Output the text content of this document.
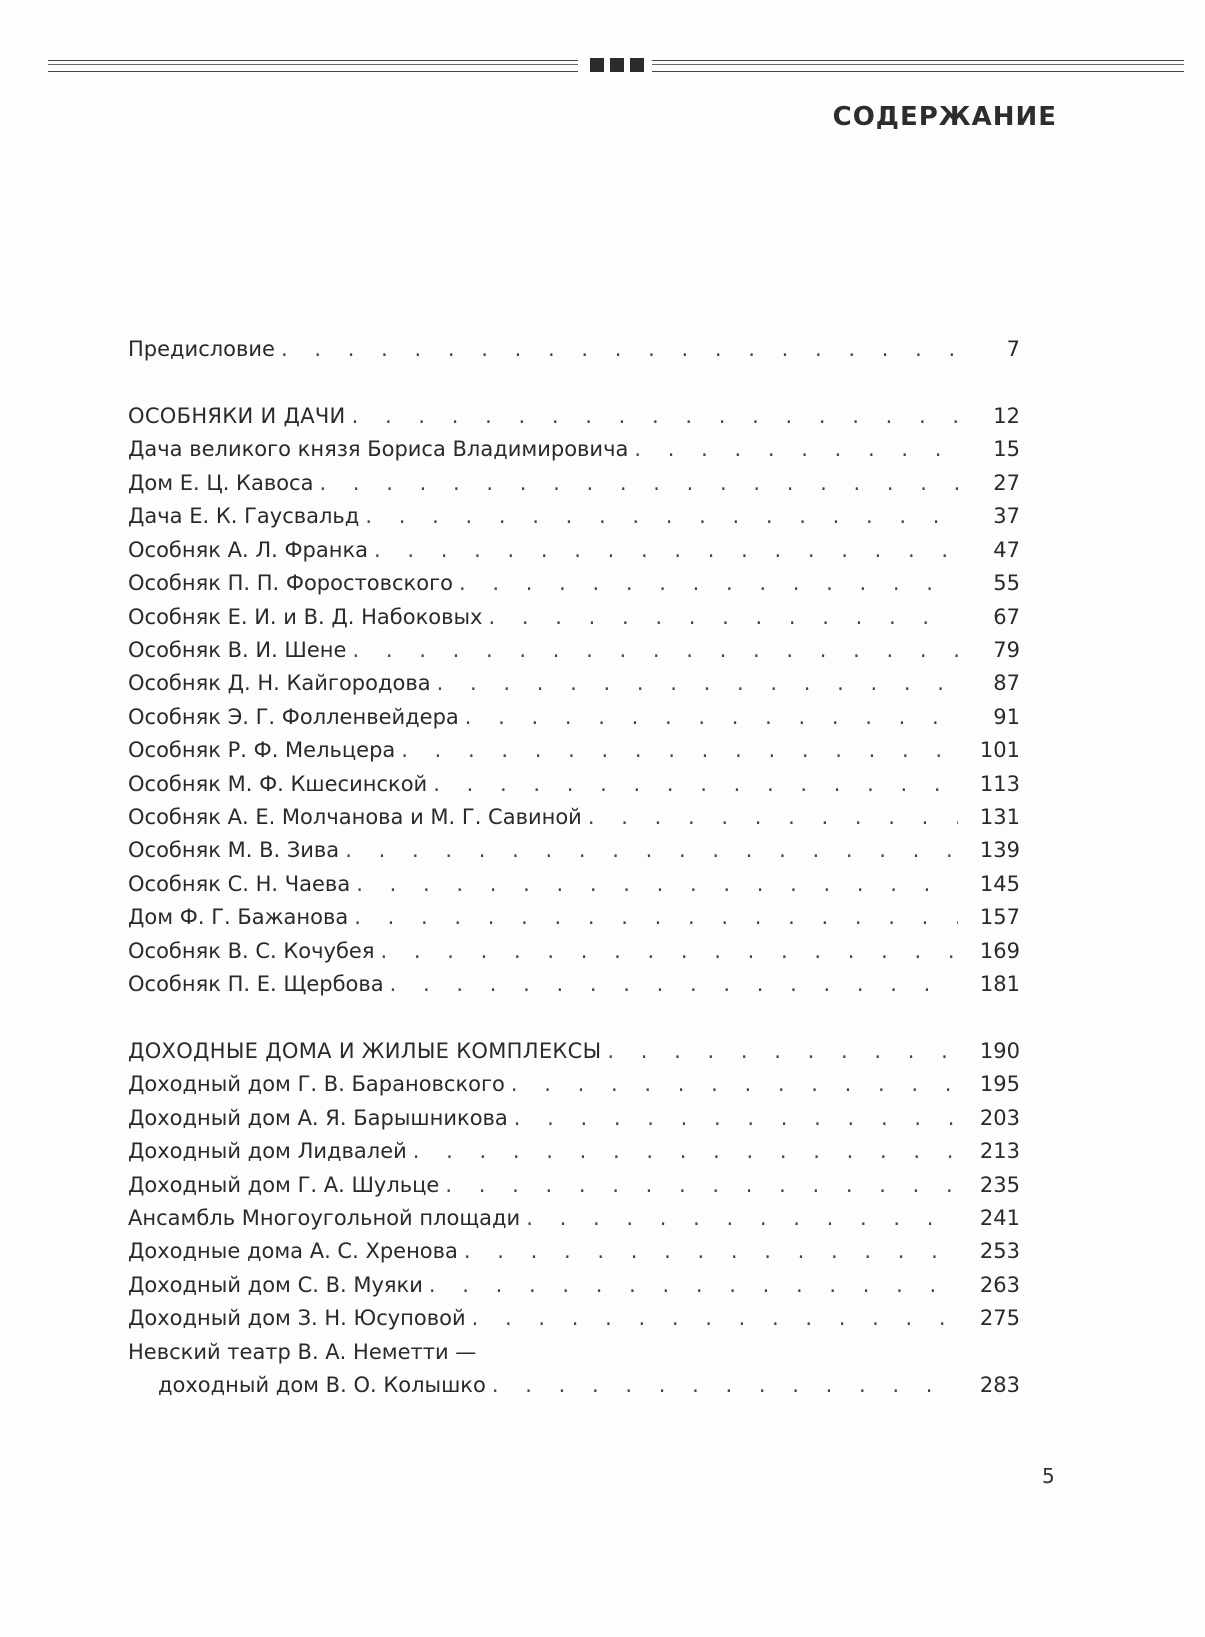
СОДЕРЖАНИЕ
Предисловие .	7
ОСОБНЯКИ И ДАЧИ .	12
Дача великого князя Бориса Владимировича .	15
Дом Е. Ц. Кавоса .	27
Дача Е. К. Гаусвальд .	37
Особняк А. Л. Франка .	47
Особняк П. П. Форостовского .	55
Особняк Е. И. и В. Д. Набоковых .	67
Особняк В. И. Шене .	79
Особняк Д. Н. Кайгородова .	87
Особняк Э. Г. Фолленвейдера .	91
Особняк Р. Ф. Мельцера .	101
Особняк М. Ф. Кшесинской .	113
Особняк А. Е. Молчанова и М. Г. Савиной .	131
Особняк М. В. Зива .	139
Особняк С. Н. Чаева .	145
Дом Ф. Г. Бажанова .	157
Особняк В. С. Кочубея .	169
Особняк П. Е. Щербова .	181
ДОХОДНЫЕ ДОМА И ЖИЛЫЕ КОМПЛЕКСЫ .	190
Доходный дом Г. В. Барановского .	195
Доходный дом А. Я. Барышникова .	203
Доходный дом Лидвалей .	213
Доходный дом Г. А. Шульце .	235
Ансамбль Многоугольной площади .	241
Доходные дома А. С. Хренова .	253
Доходный дом С. В. Муяки .	263
Доходный дом З. Н. Юсуповой .	275
Невский театр В. А. Неметти —
доходный дом В. О. Колышко .	283
5
